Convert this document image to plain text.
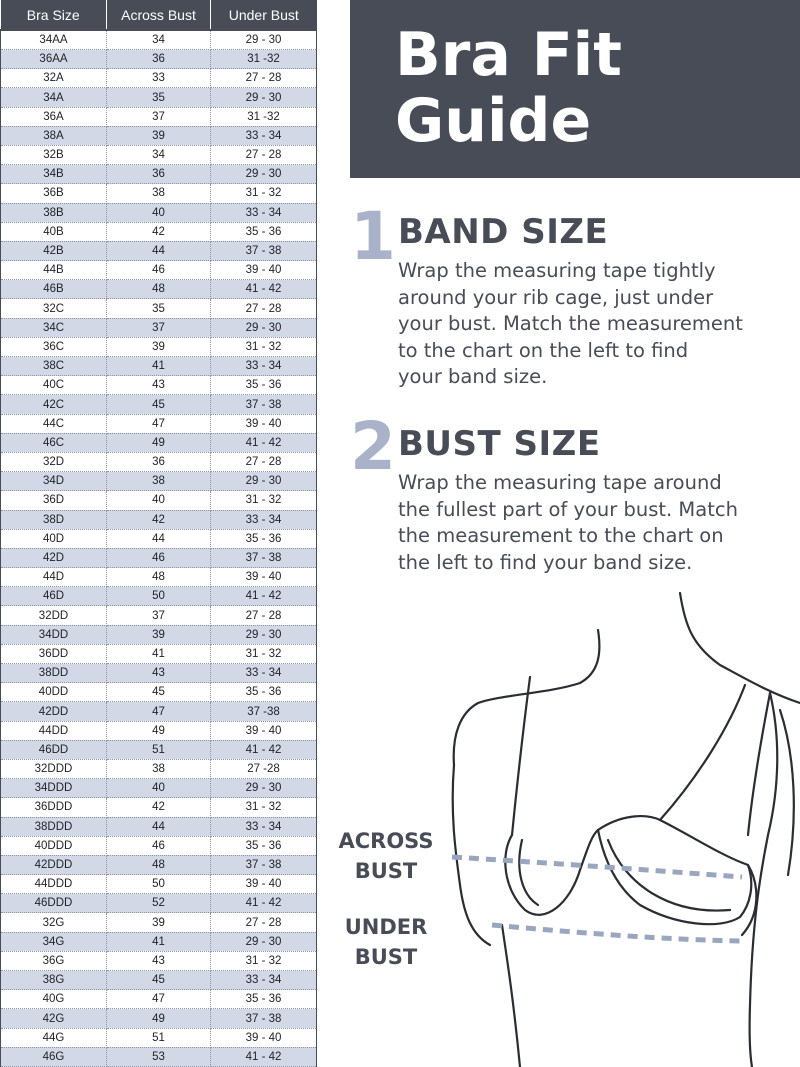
Bra Size	Across Bust	Under Bust
34AA	34	29 - 30
36AA	36	31 -32
32A	33	27 - 28
34A	35	29 - 30
36A	37	31 -32
38A	39	33 - 34
32B	34	27 - 28
34B	36	29 - 30
36B	38	31 - 32
38B	40	33 - 34
40B	42	35 - 36
42B	44	37 - 38
44B	46	39 - 40
46B	48	41 - 42
32C	35	27 - 28
34C	37	29 - 30
36C	39	31 - 32
38C	41	33 - 34
40C	43	35 - 36
42C	45	37 - 38
44C	47	39 - 40
46C	49	41 - 42
32D	36	27 - 28
34D	38	29 - 30
36D	40	31 - 32
38D	42	33 - 34
40D	44	35 - 36
42D	46	37 - 38
44D	48	39 - 40
46D	50	41 - 42
32DD	37	27 - 28
34DD	39	29 - 30
36DD	41	31 - 32
38DD	43	33 - 34
40DD	45	35 - 36
42DD	47	37 -38
44DD	49	39 - 40
46DD	51	41 - 42
32DDD	38	27 -28
34DDD	40	29 - 30
36DDD	42	31 - 32
38DDD	44	33 - 34
40DDD	46	35 - 36
42DDD	48	37 - 38
44DDD	50	39 - 40
46DDD	52	41 - 42
32G	39	27 - 28
34G	41	29 - 30
36G	43	31 - 32
38G	45	33 - 34
40G	47	35 - 36
42G	49	37 - 38
44G	51	39 - 40
46G	53	41 - 42
Bra Fit
Guide
1 BAND SIZE
Wrap the measuring tape tightly
around your rib cage, just under
your bust. Match the measurement
to the chart on the left to find
your band size.
2 BUST SIZE
Wrap the measuring tape around
the fullest part of your bust. Match
the measurement to the chart on
the left to find your band size.
ACROSS
BUST
UNDER
BUST
